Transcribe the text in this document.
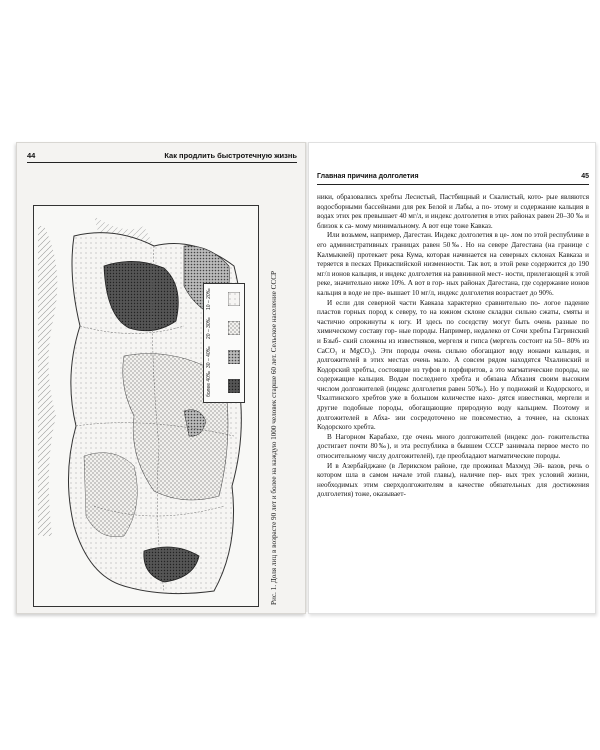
44	Как продлить быстротечную жизнь
10 – 20‰
20 – 30‰
30 – 40‰
более 40‰	Рис. 1. Доля лиц в возрасте 90 лет и более на каждую 1000 человек старше 60 лет. Сельское население СССР
Главная причина долголетия	45

ники, образовались хребты Лесистый, Пастбищный и Скалистый, кото- рые являются водосборными бассейнами для рек Белой и Лабы, а по- этому и содержание кальция в водах этих рек превышает 40 мг/л, и индекс долголетия в этих районах равен 20–30 ‰ и близок к са- мому минимальному. А вот еще тоже Кавказ.

Или возьмем, например, Дагестан. Индекс долголетия в це- лом по этой республике в его административных границах равен 50‰. Но на севере Дагестана (на границе с Калмыкией) протекает река Кума, которая начинается на северных склонах Кавказа и теряется в песках Прикаспийской низменности. Так вот, в этой реке содержится до 190 мг/л ионов кальция, и индекс долголетия на равнинной мест- ности, прилегающей к этой реке, значительно ниже 10%. А вот в гор- ных районах Дагестана, где содержание ионов кальция в воде не пре- вышает 10 мг/л, индекс долголетия возрастает до 90%.

И если для северной части Кавказа характерно сравнительно по- логое падение пластов горных пород к северу, то на южном склоне складки сильно сжаты, смяты и частично опрокинуты к югу. И здесь по соседству могут быть очень разные по химическому составу гор- ные породы. Например, недалеко от Сочи хребты Гагринский и Бзыб- ский сложены из известняков, мергеля и гипса (мергель состоит на 50– 80% из CaCO₃ и MgCO₃). Эти породы очень сильно обогащают воду ионами кальция, и долгожителей в этих местах очень мало. А совсем рядом находятся Чхалинский и Кодорский хребты, состоящие из туфов и порфиритов, а это магматические породы, не содержащие кальция. Водам последнего хребта и обязана Абхазия своим высоким числом долгожителей (индекс долголетия равен 50‰). Но у подножий и Кодорского, и Чхалтинского хребтов уже в большом количестве нахо- дятся известняки, мергели и другие подобные породы, обогащающие природную воду кальцием. Поэтому и долгожителей в Абха- зии сосредоточено не повсеместно, а точнее, на склонах Кодорского хребта.

В Нагорном Карабахе, где очень много долгожителей (индекс дол- гожительства достигает почти 80‰), и эта республика в бывшем СССР занимала первое место по относительному числу долгожителей), где преобладают магматические породы.

И в Азербайджане (в Лерикском районе, где проживал Махмуд Эй- вазов, речь о котором шла в самом начале этой главы), наличие пер- вых трех условий жизни, необходимых этим сверхдолгожителям в качестве обязательных для достижения долголетия) тоже, оказывает-
